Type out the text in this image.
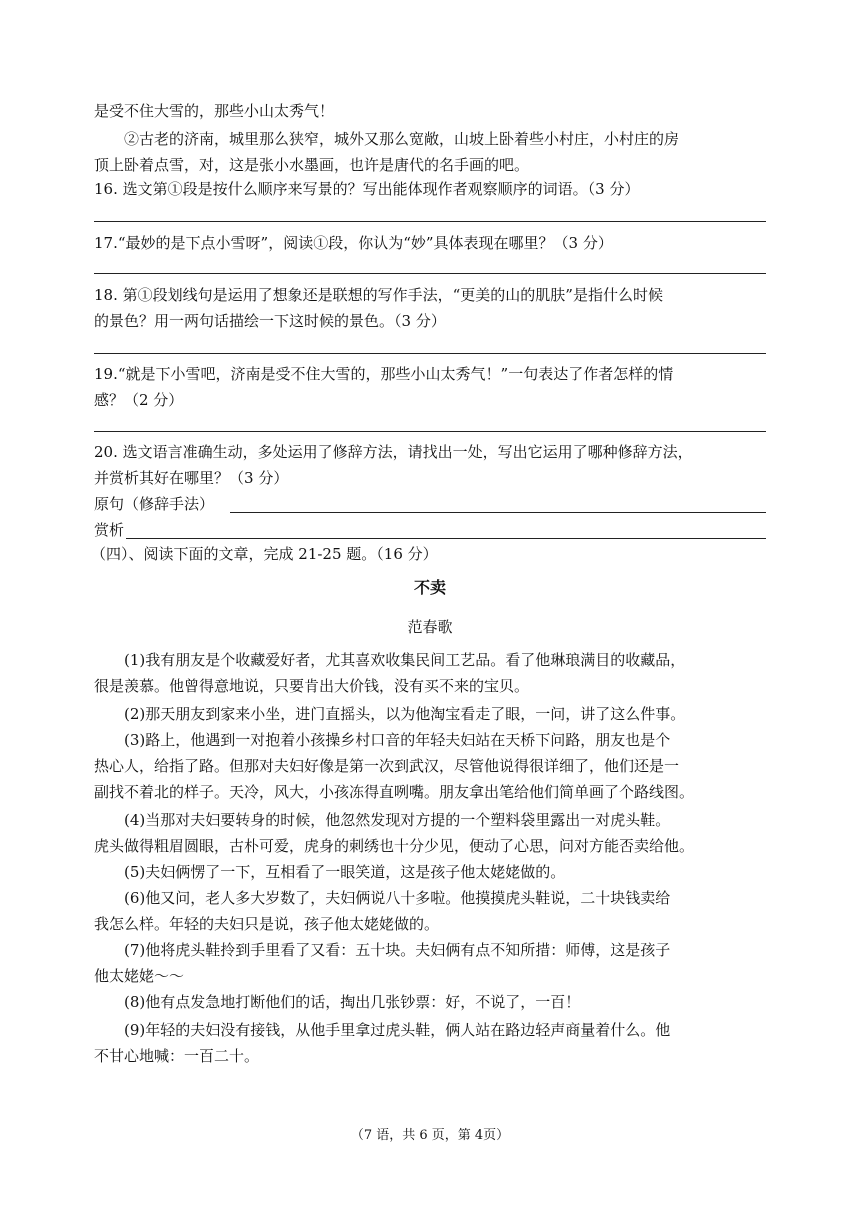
是受不住大雪的，那些小山太秀气！
②古老的济南，城里那么狭窄，城外又那么宽敞，山坡上卧着些小村庄，小村庄的房
顶上卧着点雪，对，这是张小水墨画，也许是唐代的名手画的吧。
16. 选文第①段是按什么顺序来写景的？写出能体现作者观察顺序的词语。（3 分）
17.“最妙的是下点小雪呀”，阅读①段，你认为“妙”具体表现在哪里？（3 分）
18. 第①段划线句是运用了想象还是联想的写作手法，“更美的山的肌肤”是指什么时候
的景色？用一两句话描绘一下这时候的景色。（3 分）
19.“就是下小雪吧，济南是受不住大雪的，那些小山太秀气！”一句表达了作者怎样的情
感？（2 分）
20. 选文语言准确生动，多处运用了修辞方法，请找出一处，写出它运用了哪种修辞方法，
并赏析其好在哪里？（3 分）
原句（修辞手法）
赏析
（四）、阅读下面的文章，完成 21-25 题。（16 分）
不卖
范春歌
(1)我有朋友是个收藏爱好者，尤其喜欢收集民间工艺品。看了他琳琅满目的收藏品，
很是羡慕。他曾得意地说，只要肯出大价钱，没有买不来的宝贝。
(2)那天朋友到家来小坐，进门直摇头，以为他淘宝看走了眼，一问，讲了这么件事。
(3)路上，他遇到一对抱着小孩操乡村口音的年轻夫妇站在天桥下问路，朋友也是个
热心人，给指了路。但那对夫妇好像是第一次到武汉，尽管他说得很详细了，他们还是一
副找不着北的样子。天冷，风大，小孩冻得直咧嘴。朋友拿出笔给他们简单画了个路线图。
(4)当那对夫妇要转身的时候，他忽然发现对方提的一个塑料袋里露出一对虎头鞋。
虎头做得粗眉圆眼，古朴可爱，虎身的刺绣也十分少见，便动了心思，问对方能否卖给他。
(5)夫妇俩愣了一下，互相看了一眼笑道，这是孩子他太姥姥做的。
(6)他又问，老人多大岁数了，夫妇俩说八十多啦。他摸摸虎头鞋说，二十块钱卖给
我怎么样。年轻的夫妇只是说，孩子他太姥姥做的。
(7)他将虎头鞋拎到手里看了又看：五十块。夫妇俩有点不知所措：师傅，这是孩子
他太姥姥～～
(8)他有点发急地打断他们的话，掏出几张钞票：好，不说了，一百！
(9)年轻的夫妇没有接钱，从他手里拿过虎头鞋，俩人站在路边轻声商量着什么。他
不甘心地喊：一百二十。
（7 语，共 6 页，第 4页）
